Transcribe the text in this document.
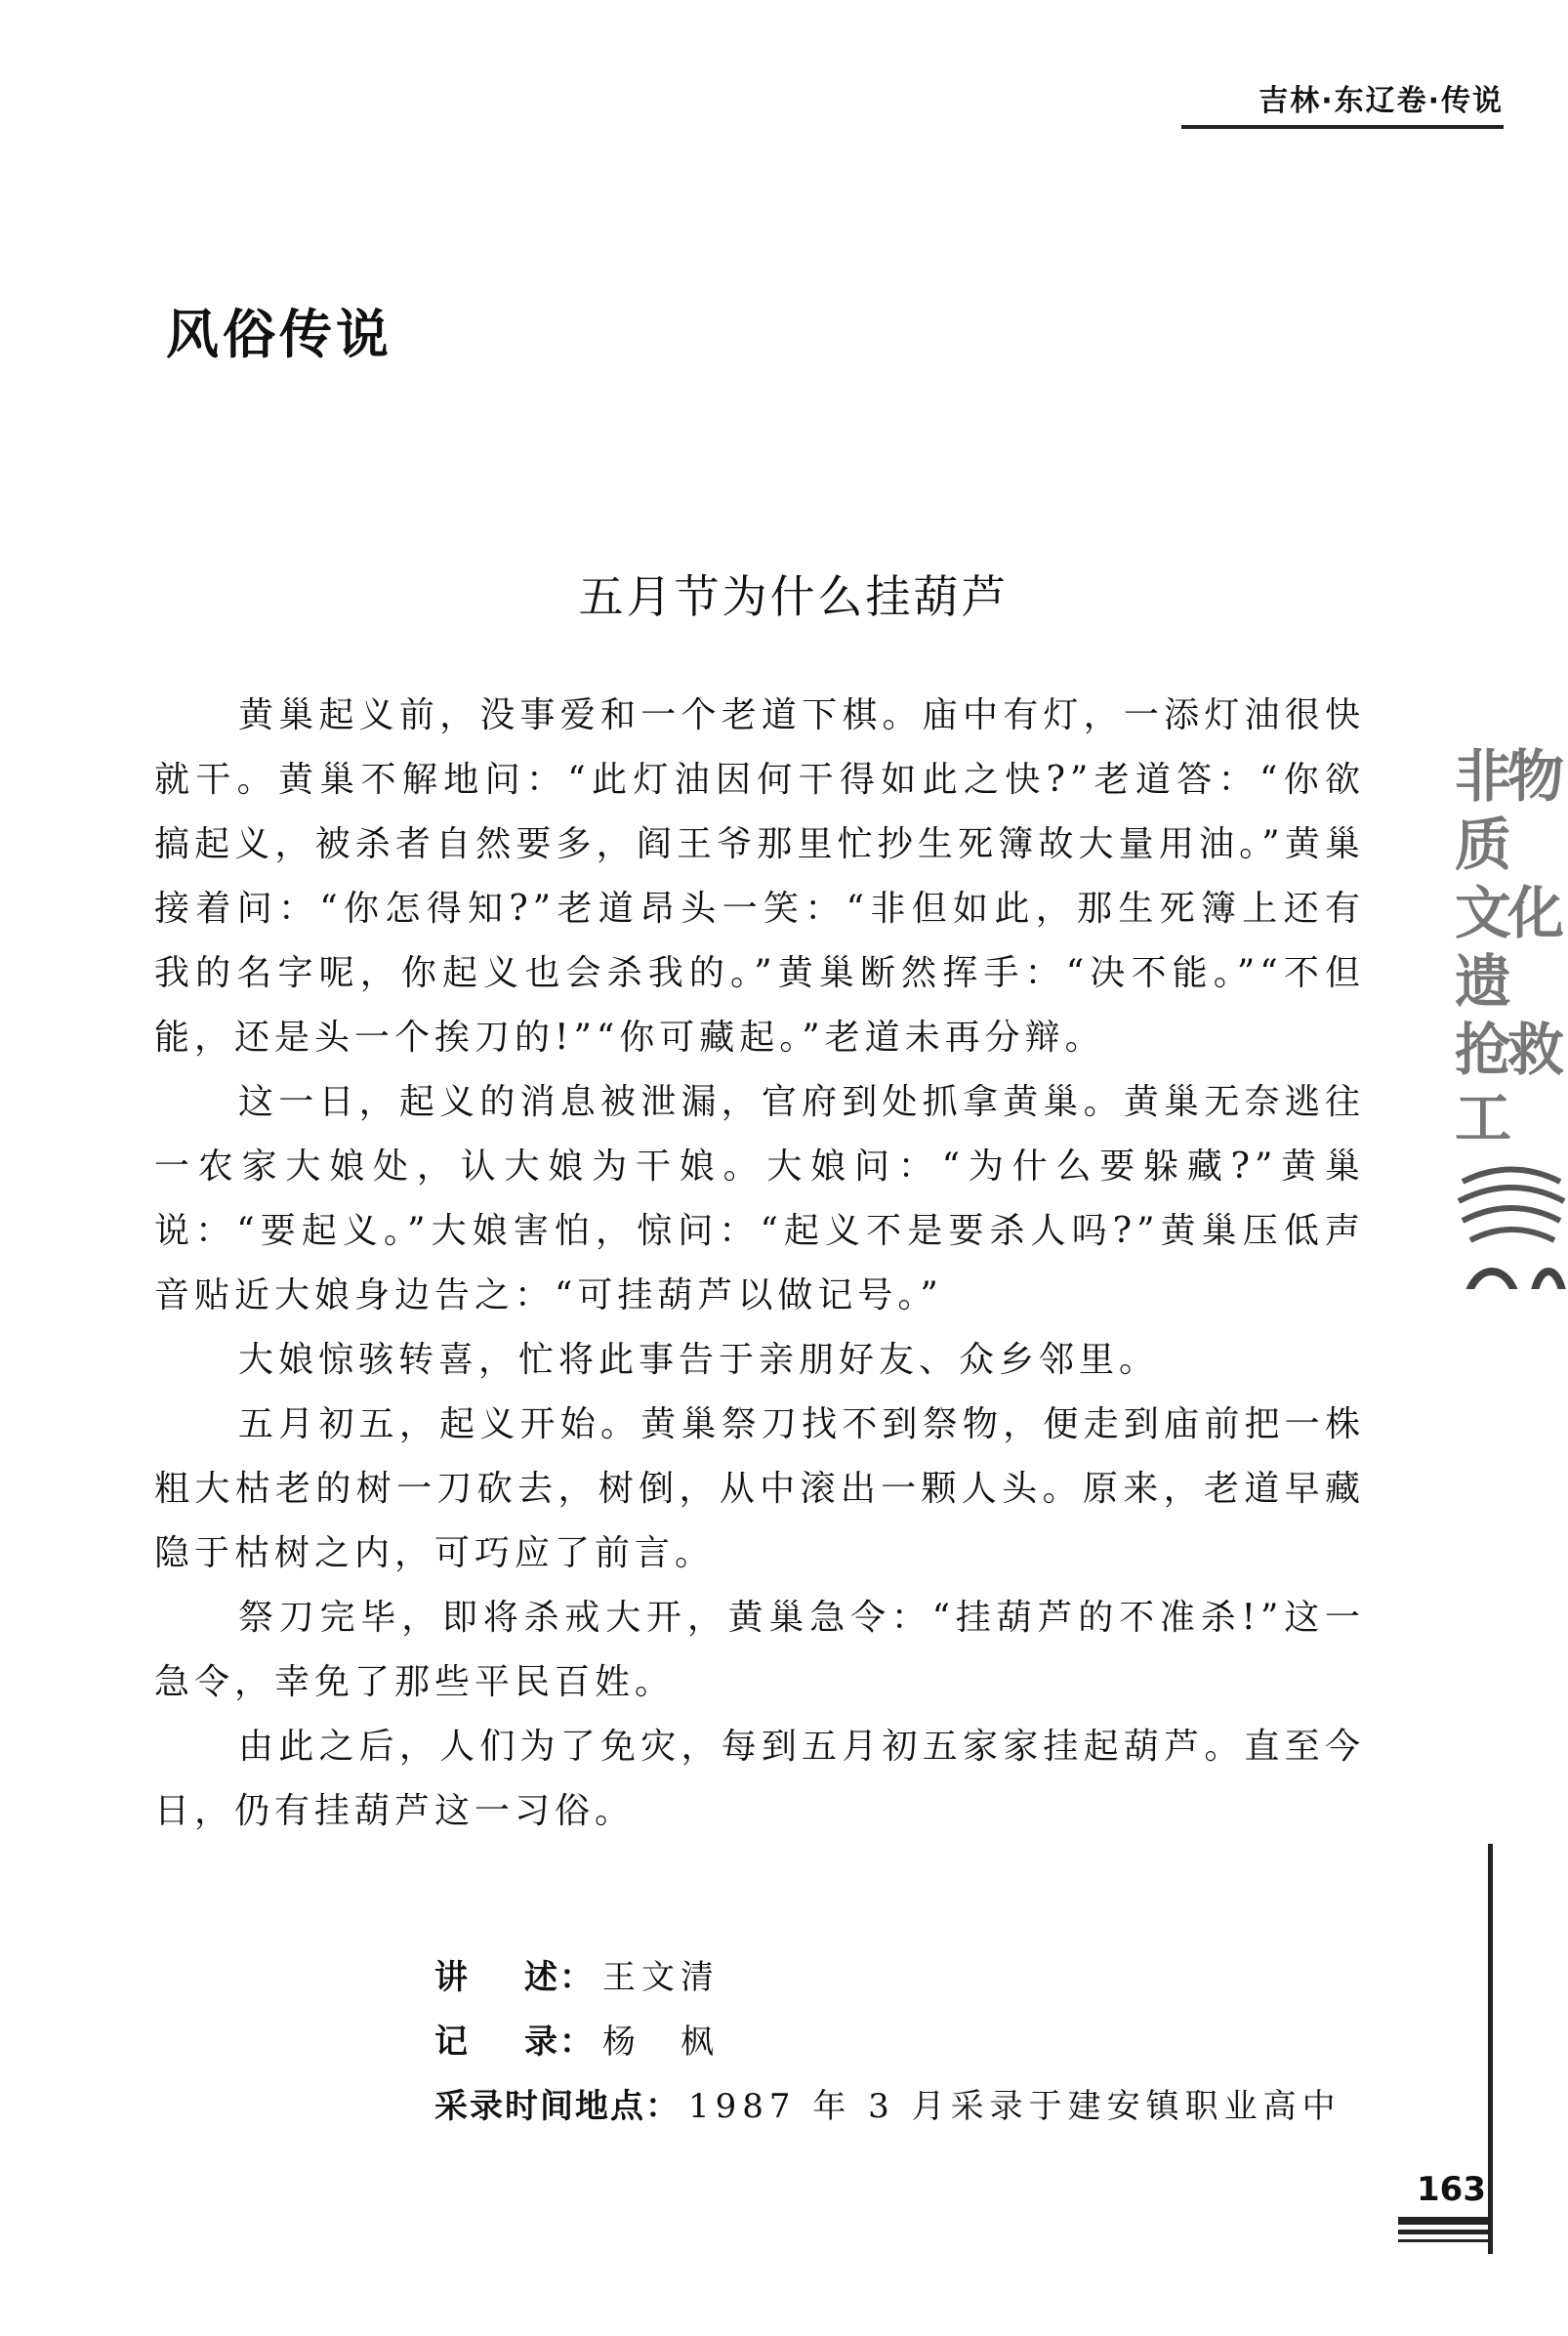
吉林·东辽卷·传说
风俗传说
五月节为什么挂葫芦

黄巢起义前，没事爱和一个老道下棋。庙中有灯，一添灯油很快就干。黄巢不解地问：“此灯油因何干得如此之快?”老道答：“你欲搞起义，被杀者自然要多，阎王爷那里忙抄生死簿故大量用油。”黄巢接着问：“你怎得知?”老道昂头一笑：“非但如此，那生死簿上还有我的名字呢，你起义也会杀我的。”黄巢断然挥手：“决不能。”“不但能，还是头一个挨刀的!”“你可藏起。”老道未再分辩。

这一日，起义的消息被泄漏，官府到处抓拿黄巢。黄巢无奈逃往一农家大娘处，认大娘为干娘。大娘问：“为什么要躲藏?”黄巢说：“要起义。”大娘害怕，惊问：“起义不是要杀人吗?”黄巢压低声音贴近大娘身边告之：“可挂葫芦以做记号。”

大娘惊骇转喜，忙将此事告于亲朋好友、众乡邻里。

五月初五，起义开始。黄巢祭刀找不到祭物，便走到庙前把一株粗大枯老的树一刀砍去，树倒，从中滚出一颗人头。原来，老道早藏隐于枯树之内，可巧应了前言。

祭刀完毕，即将杀戒大开，黄巢急令：“挂葫芦的不准杀!”这一急令，幸免了那些平民百姓。

由此之后，人们为了免灾，每到五月初五家家挂起葫芦。直至今日，仍有挂葫芦这一习俗。

讲 述 ： 王文清
记 录 ： 杨　枫
采录时间地点 ： 1987 年 3 月采录于建安镇职业高中
非物质
文化遗
抢救工
163
